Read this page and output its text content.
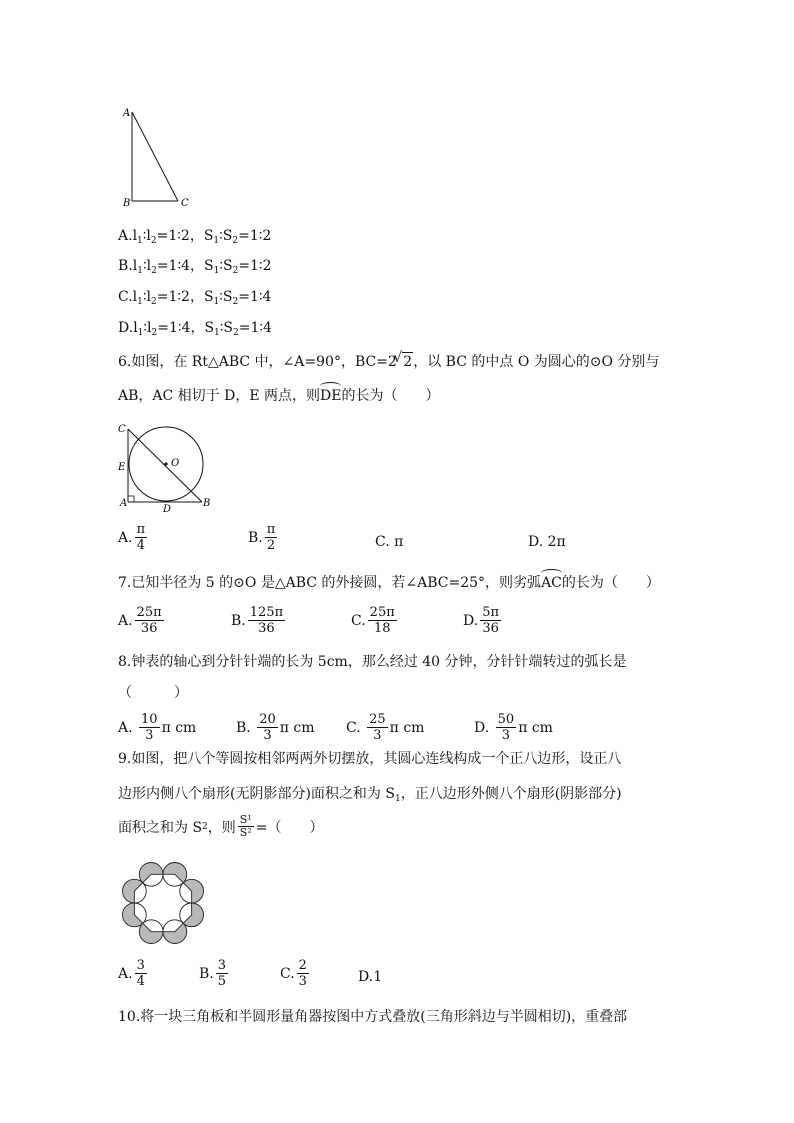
A
B	C
$A.l_1∶l_2=1∶2$，$S_1∶S_2=1∶2$
$B.l_1∶l_2=1∶4$，$S_1∶S_2=1∶2$
$C.l_1∶l_2=1∶2$，$S_1∶S_2=1∶4$
$D.l_1∶l_2=1∶4$，$S_1∶S_2=1∶4$
6.如图，在 Rt△ABC 中，∠A=90°，BC=2 √ 2，以 BC 的中点 O 为圆心的⊙O 分别与
AB，AC 相切于 D，E 两点，则DE的长为（　　）
C
E
A
D
B
O
A. $\frac{\pi}{4}$	B. $\frac{\pi}{2}$	C.
π	D.
2π
7.已知半径为 5 的⊙O 是△ABC 的外接圆，若∠ABC=25°，则劣弧AC的长为（　　）
A. $\frac{25\pi}{36}$	B. $\frac{125\pi}{36}$	C. $\frac{25\pi}{18}$	D. $\frac{5\pi}{36}$
8.钟表的轴心到分针针端的长为 5cm，那么经过 40 分钟，分针针端转过的弧长是
（　　　）
A.
$\frac{10}{3}$ π cm	B.
$\frac{20}{3}$ π cm C.
$\frac{25}{3}$ π cm	D.
$\frac{50}{3}$ π cm
9.如图，把八个等圆按相邻两两外切摆放，其圆心连线构成一个正八边形，设正八
边形内侧八个扇形(无阴影部分)面积之和为 $S_1$，正八边形外侧八个扇形(阴影部分)
面积之和为 S 2 ，则 $\frac{\text{S¹}}{\text{S²}}$ =（　　）
A. $\frac{3}{4}$	B. $\frac{3}{5}$	C. $\frac{2}{3}$	D. 1
10.将一块三角板和半圆形量角器按图中方式叠放(三角形斜边与半圆相切)，重叠部
